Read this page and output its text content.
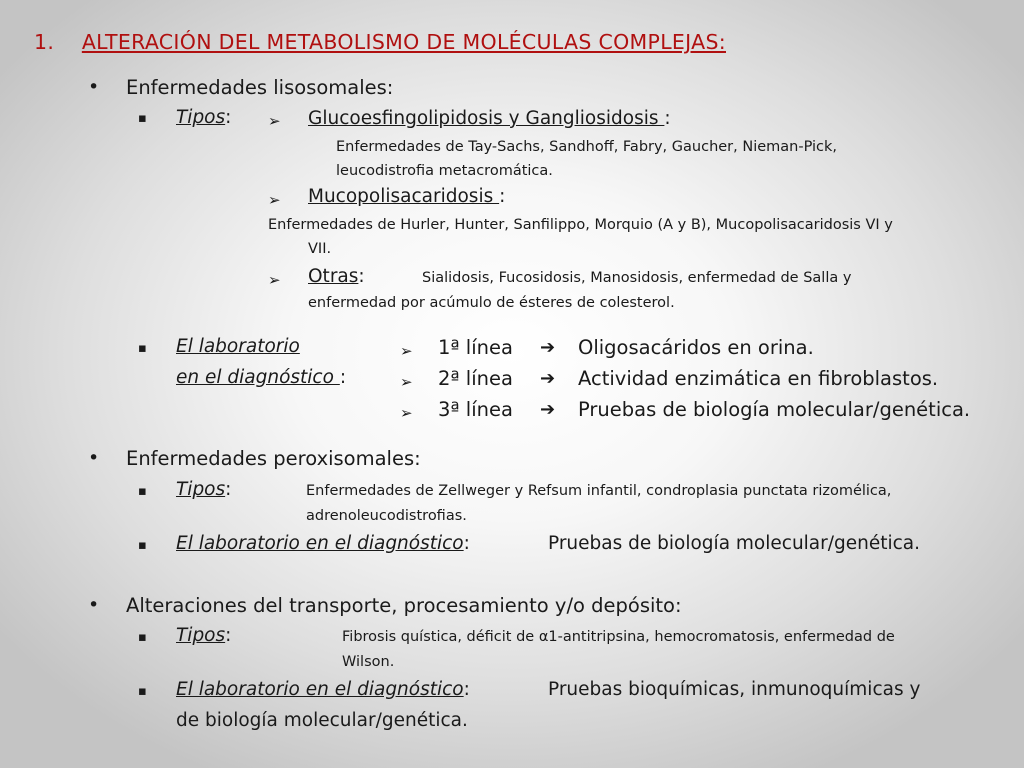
1. ALTERACIÓN DEL METABOLISMO DE MOLÉCULAS COMPLEJAS:
• Enfermedades lisosomales:
▪ Tipos: ➢ Glucoesfingolipidosis y Gangliosidosis :
Enfermedades de Tay-Sachs, Sandhoff, Fabry, Gaucher, Nieman-Pick,
leucodistrofia metacromática.
➢ Mucopolisacaridosis :
Enfermedades de Hurler, Hunter, Sanfilippo, Morquio (A y B), Mucopolisacaridosis VI y
VII.
➢ Otras:	Sialidosis, Fucosidosis, Manosidosis, enfermedad de Salla y
enfermedad por acúmulo de ésteres de colesterol.
▪ El laboratorio
en el diagnóstico :
➢ 1ª línea ➔ Oligosacáridos en orina.
➢ 2ª línea ➔ Actividad enzimática en fibroblastos.
➢ 3ª línea ➔ Pruebas de biología molecular/genética.
• Enfermedades peroxisomales:
▪ Tipos:	Enfermedades de Zellweger y Refsum infantil, condroplasia punctata rizomélica,
adrenoleucodistrofias.
▪ El laboratorio en el diagnóstico:	Pruebas de biología molecular/genética.
• Alteraciones del transporte, procesamiento y/o depósito:
▪ Tipos:	Fibrosis quística, déficit de α1-antitripsina, hemocromatosis, enfermedad de
Wilson.
▪ El laboratorio en el diagnóstico:	Pruebas bioquímicas, inmunoquímicas y
de biología molecular/genética.
